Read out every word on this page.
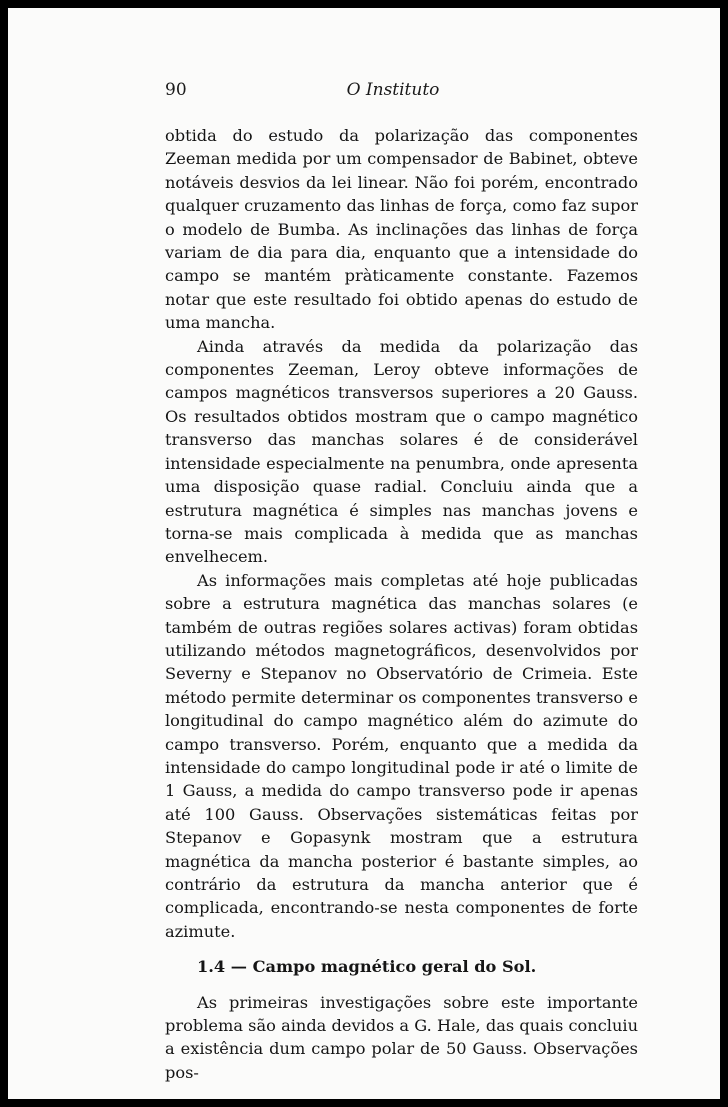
90	O Instituto

obtida do estudo da polarização das componentes Zeeman medida por um compensador de Babinet, obteve notáveis desvios da lei linear. Não foi porém, encontrado qualquer cruzamento das linhas de força, como faz supor o modelo de Bumba. As inclinações das linhas de força variam de dia para dia, enquanto que a intensidade do campo se mantém pràticamente constante. Fazemos notar que este resultado foi obtido apenas do estudo de uma mancha.

Ainda através da medida da polarização das componentes Zeeman, Leroy obteve informações de campos magnéticos transversos superiores a 20 Gauss. Os resultados obtidos mostram que o campo magnético transverso das manchas solares é de considerável intensidade especialmente na penumbra, onde apresenta uma disposição quase radial. Concluiu ainda que a estrutura magnética é simples nas manchas jovens e torna-se mais complicada à medida que as manchas envelhecem.

As informações mais completas até hoje publicadas sobre a estrutura magnética das manchas solares (e também de outras regiões solares activas) foram obtidas utilizando métodos magnetográficos, desenvolvidos por Severny e Stepanov no Observatório de Crimeia. Este método permite determinar os componentes transverso e longitudinal do campo magnético além do azimute do campo transverso. Porém, enquanto que a medida da intensidade do campo longitudinal pode ir até o limite de 1 Gauss, a medida do campo transverso pode ir apenas até 100 Gauss. Observações sistemáticas feitas por Stepanov e Gopasynk mostram que a estrutura magnética da mancha posterior é bastante simples, ao contrário da estrutura da mancha anterior que é complicada, encontrando-se nesta componentes de forte azimute.

1.4 — Campo magnético geral do Sol.

As primeiras investigações sobre este importante problema são ainda devidos a G. Hale, das quais concluiu a existência dum campo polar de 50 Gauss. Observações pos-
